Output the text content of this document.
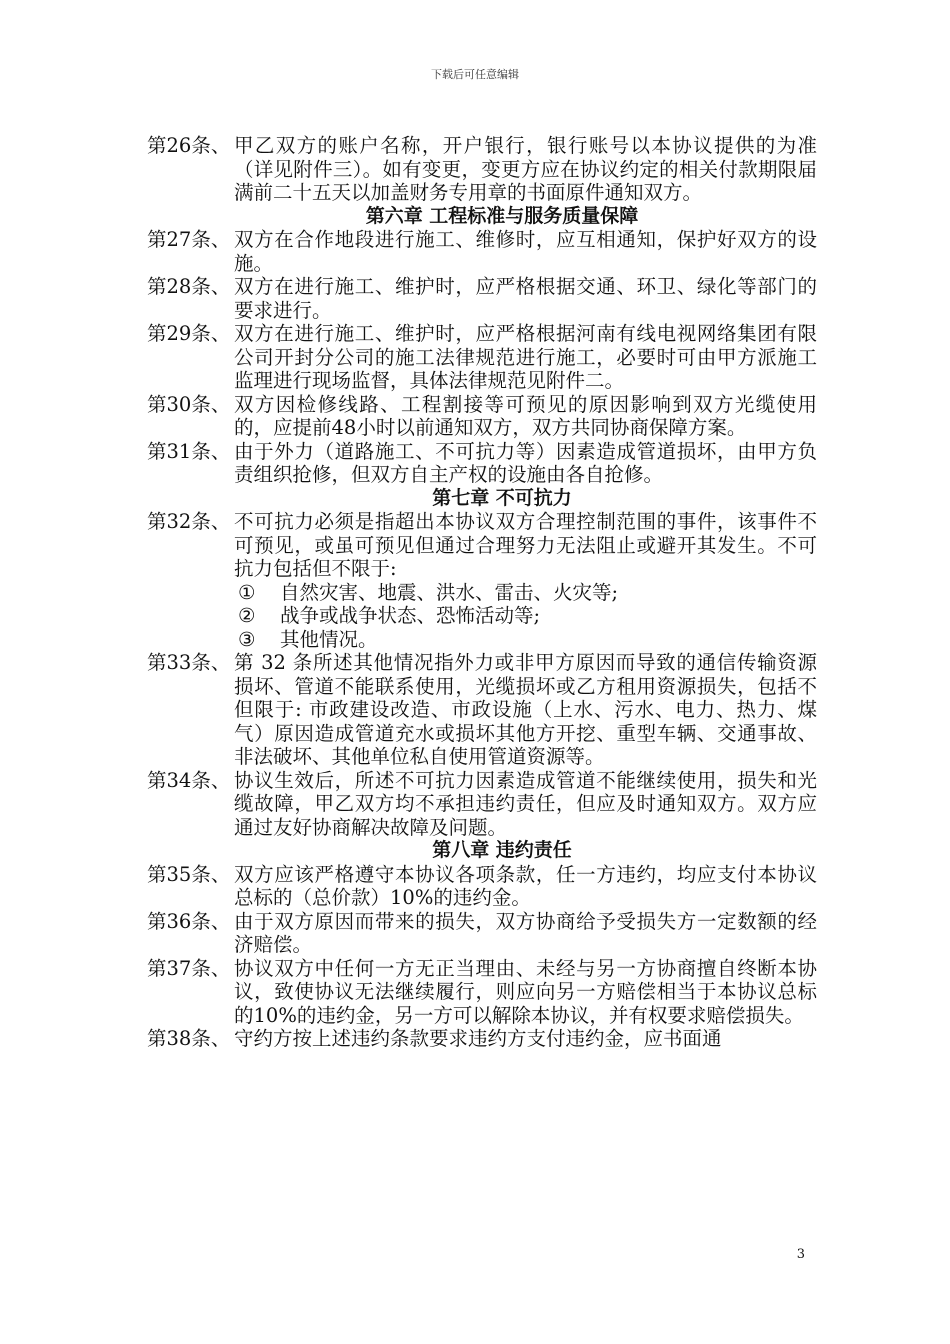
下载后可任意编辑
第26条、 甲乙双方的账户名称，开户银行，银行账号以本协议提供的为准（详见附件三）。如有变更，变更方应在协议约定的相关付款期限届满前二十五天以加盖财务专用章的书面原件通知双方。
第六章 工程标准与服务质量保障
第27条、 双方在合作地段进行施工、维修时，应互相通知，保护好双方的设施。
第28条、 双方在进行施工、维护时，应严格根据交通、环卫、绿化等部门的要求进行。
第29条、 双方在进行施工、维护时，应严格根据河南有线电视网络集团有限公司开封分公司的施工法律规范进行施工，必要时可由甲方派施工监理进行现场监督，具体法律规范见附件二。
第30条、 双方因检修线路、工程割接等可预见的原因影响到双方光缆使用的，应提前48小时以前通知双方，双方共同协商保障方案。
第31条、 由于外力（道路施工、不可抗力等）因素造成管道损坏，由甲方负责组织抢修，但双方自主产权的设施由各自抢修。
第七章 不可抗力
第32条、 不可抗力必须是指超出本协议双方合理控制范围的事件，该事件不可预见，或虽可预见但通过合理努力无法阻止或避开其发生。不可抗力包括但不限于:
① 自然灾害、地震、洪水、雷击、火灾等;
② 战争或战争状态、恐怖活动等;
③ 其他情况。
第33条、 第 32 条所述其他情况指外力或非甲方原因而导致的通信传输资源损坏、管道不能联系使用，光缆损坏或乙方租用资源损失，包括不但限于: 市政建设改造、市政设施（上水、污水、电力、热力、煤气）原因造成管道充水或损坏其他方开挖、重型车辆、交通事故、非法破坏、其他单位私自使用管道资源等。
第34条、 协议生效后，所述不可抗力因素造成管道不能继续使用，损失和光缆故障，甲乙双方均不承担违约责任，但应及时通知双方。双方应通过友好协商解决故障及问题。
第八章 违约责任
第35条、 双方应该严格遵守本协议各项条款，任一方违约，均应支付本协议总标的（总价款）10%的违约金。
第36条、 由于双方原因而带来的损失，双方协商给予受损失方一定数额的经济赔偿。
第37条、 协议双方中任何一方无正当理由、未经与另一方协商擅自终断本协议，致使协议无法继续履行，则应向另一方赔偿相当于本协议总标的10%的违约金，另一方可以解除本协议，并有权要求赔偿损失。
第38条、 守约方按上述违约条款要求违约方支付违约金，应书面通
3
